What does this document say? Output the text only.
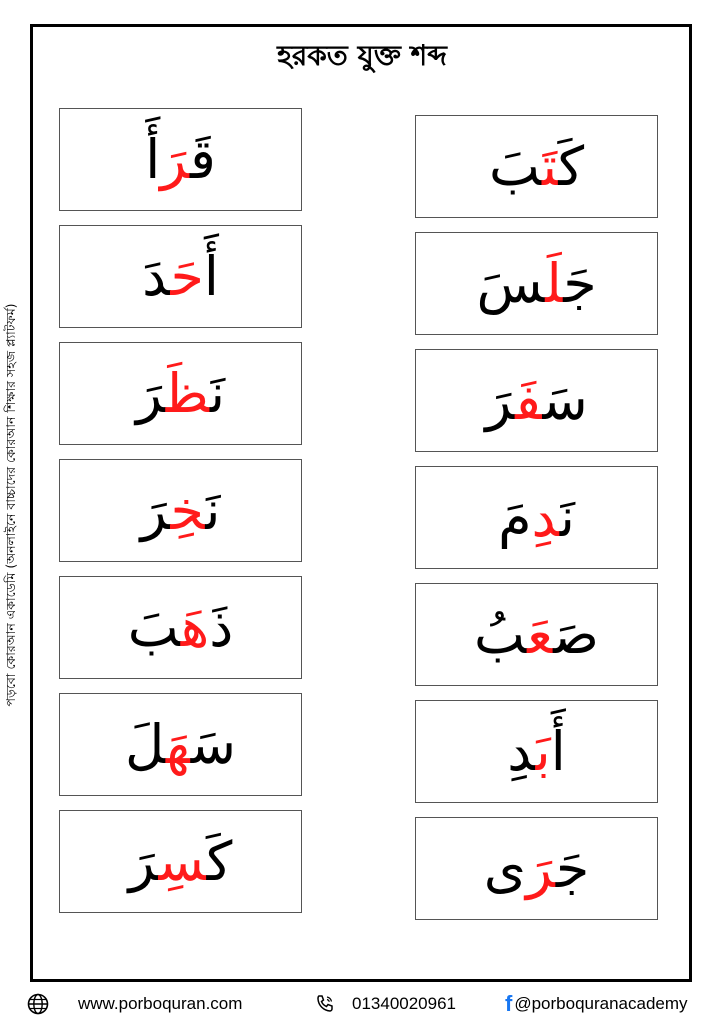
হরকত যুক্ত শব্দ
পড়বো কোরআন একাডেমি (অনলাইনে বাচ্চাদের কোরআন শিক্ষার সহজ প্ল্যাটফর্ম)
قَرَأَ
أَحَدَ
نَظَرَ
نَخِرَ
ذَهَبَ
سَهَلَ
كَسِرَ
كَتَبَ
جَلَسَ
سَفَرَ
نَدِمَ
صَعَبُ
أَبَدِ
جَرَى
www.porboquran.com	01340020961 f @porboquranacademy
